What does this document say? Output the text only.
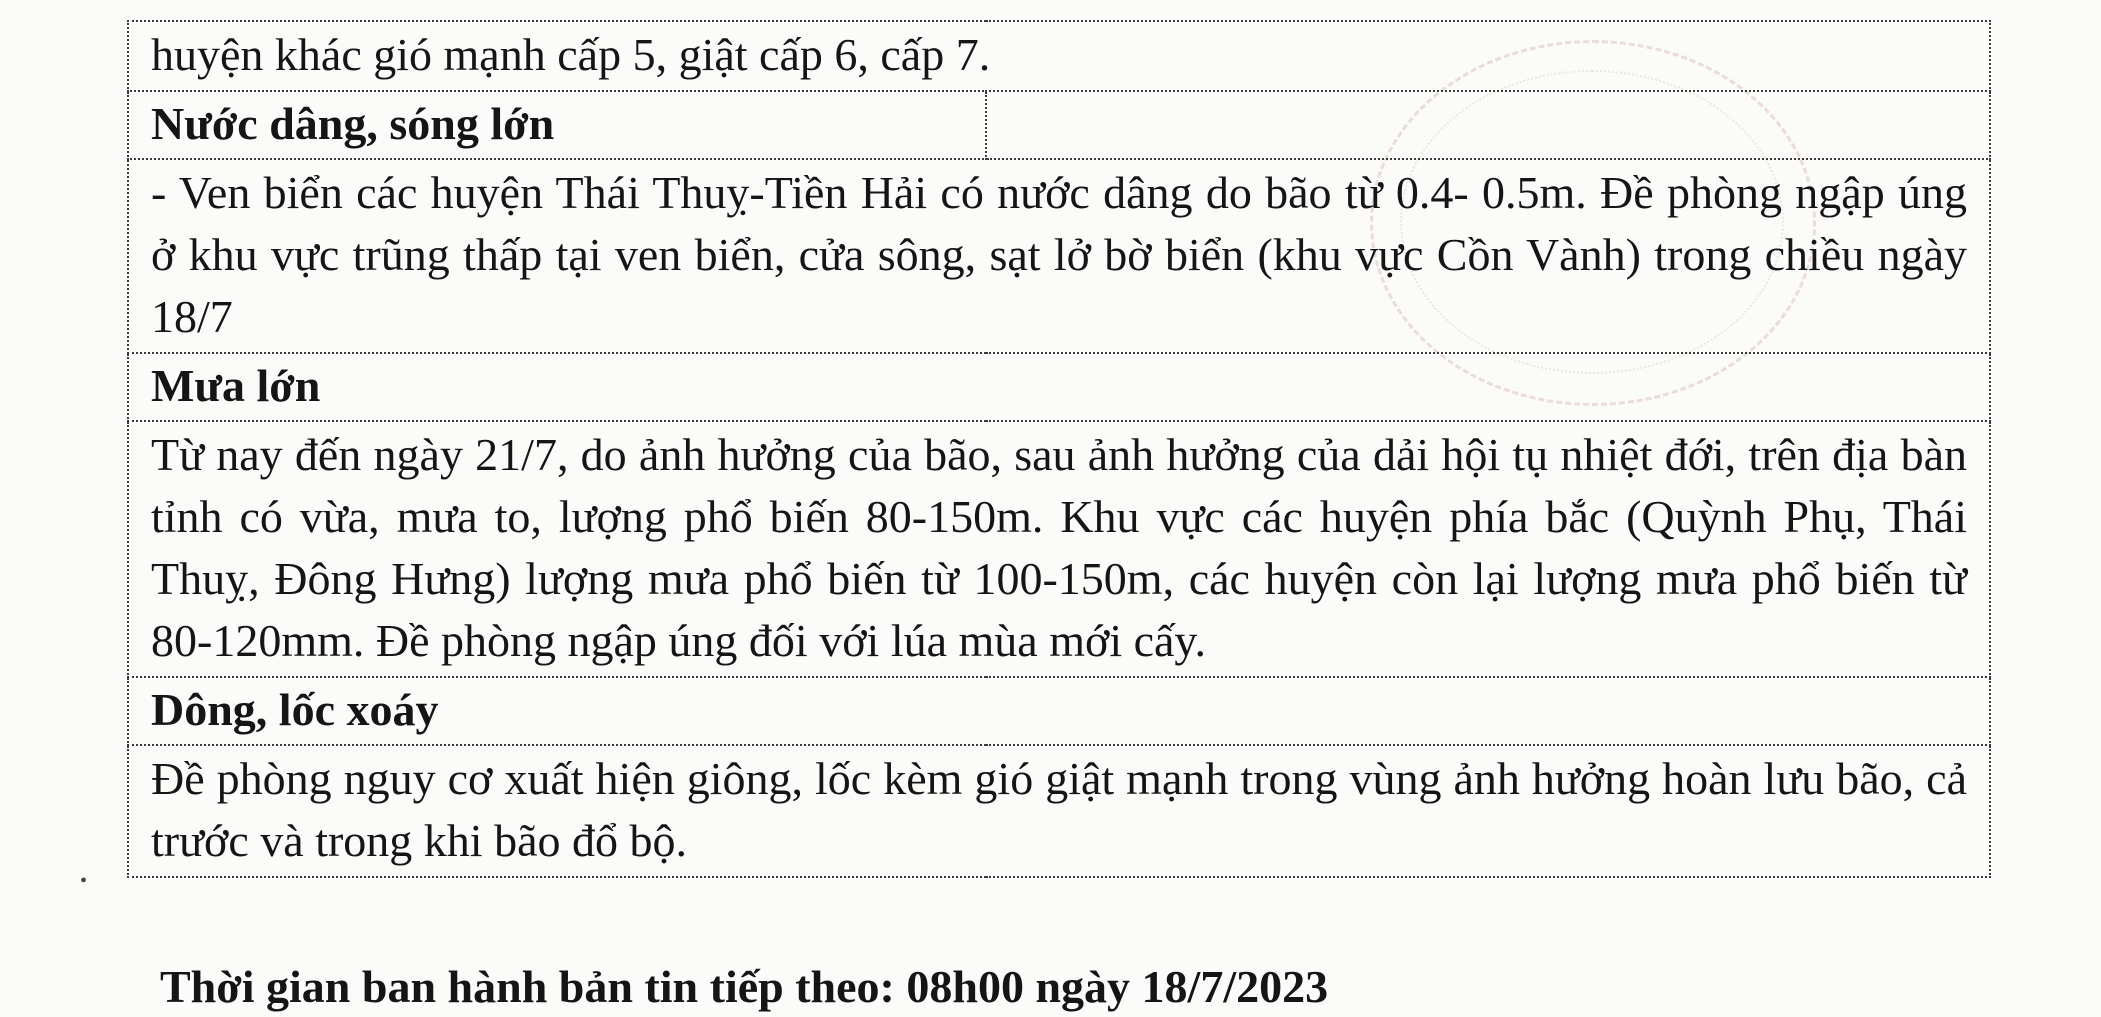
huyện khác gió mạnh cấp 5, giật cấp 6, cấp 7.
Nước dâng, sóng lớn	
- Ven biển các huyện Thái Thuỵ-Tiền Hải có nước dâng do bão từ 0.4- 0.5m. Đề phòng ngập úng ở khu vực trũng thấp tại ven biển, cửa sông, sạt lở bờ biển (khu vực Cồn Vành) trong chiều ngày 18/7
Mưa lớn
Từ nay đến ngày 21/7, do ảnh hưởng của bão, sau ảnh hưởng của dải hội tụ nhiệt đới, trên địa bàn tỉnh có vừa, mưa to, lượng phổ biến 80-150m. Khu vực các huyện phía bắc (Quỳnh Phụ, Thái Thuỵ, Đông Hưng) lượng mưa phổ biến từ 100-150m, các huyện còn lại lượng mưa phổ biến từ 80-120mm. Đề phòng ngập úng đối với lúa mùa mới cấy.
Dông, lốc xoáy
Đề phòng nguy cơ xuất hiện giông, lốc kèm gió giật mạnh trong vùng ảnh hưởng hoàn lưu bão, cả trước và trong khi bão đổ bộ.
Thời gian ban hành bản tin tiếp theo: 08h00 ngày 18/7/2023
•
